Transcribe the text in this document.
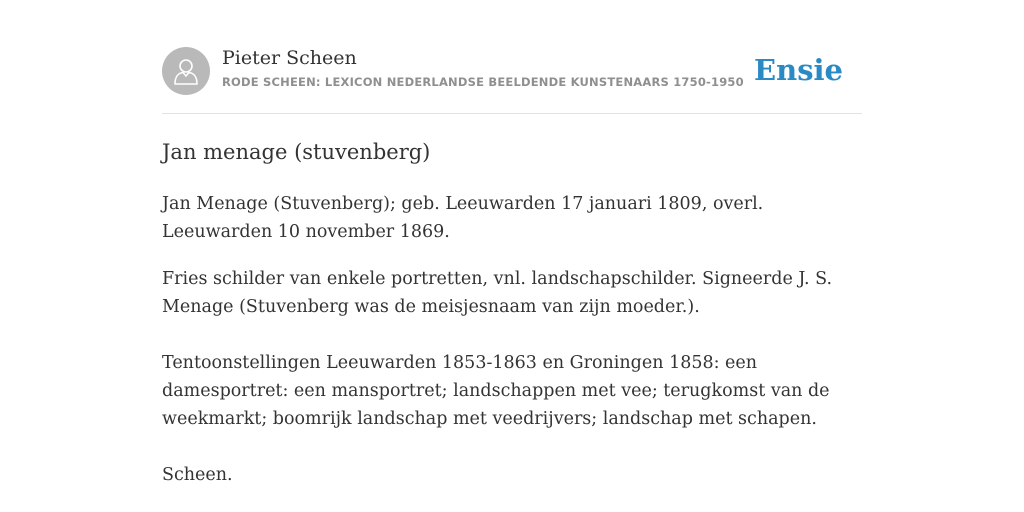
Pieter Scheen
RODE SCHEEN: LEXICON NEDERLANDSE BEELDENDE KUNSTENAARS 1750-1950 Ensie
Jan menage (stuvenberg)

Jan Menage (Stuvenberg); geb. Leeuwarden 17 januari 1809, overl. Leeuwarden 10 november 1869.

Fries schilder van enkele portretten, vnl. landschapschilder. Signeerde J. S. Menage (Stuvenberg was de meisjesnaam van zijn moeder.).

Tentoonstellingen Leeuwarden 1853-1863 en Groningen 1858: een damesportret: een mansportret; landschappen met vee; terugkomst van de weekmarkt; boomrijk landschap met veedrijvers; landschap met schapen.

Scheen.
